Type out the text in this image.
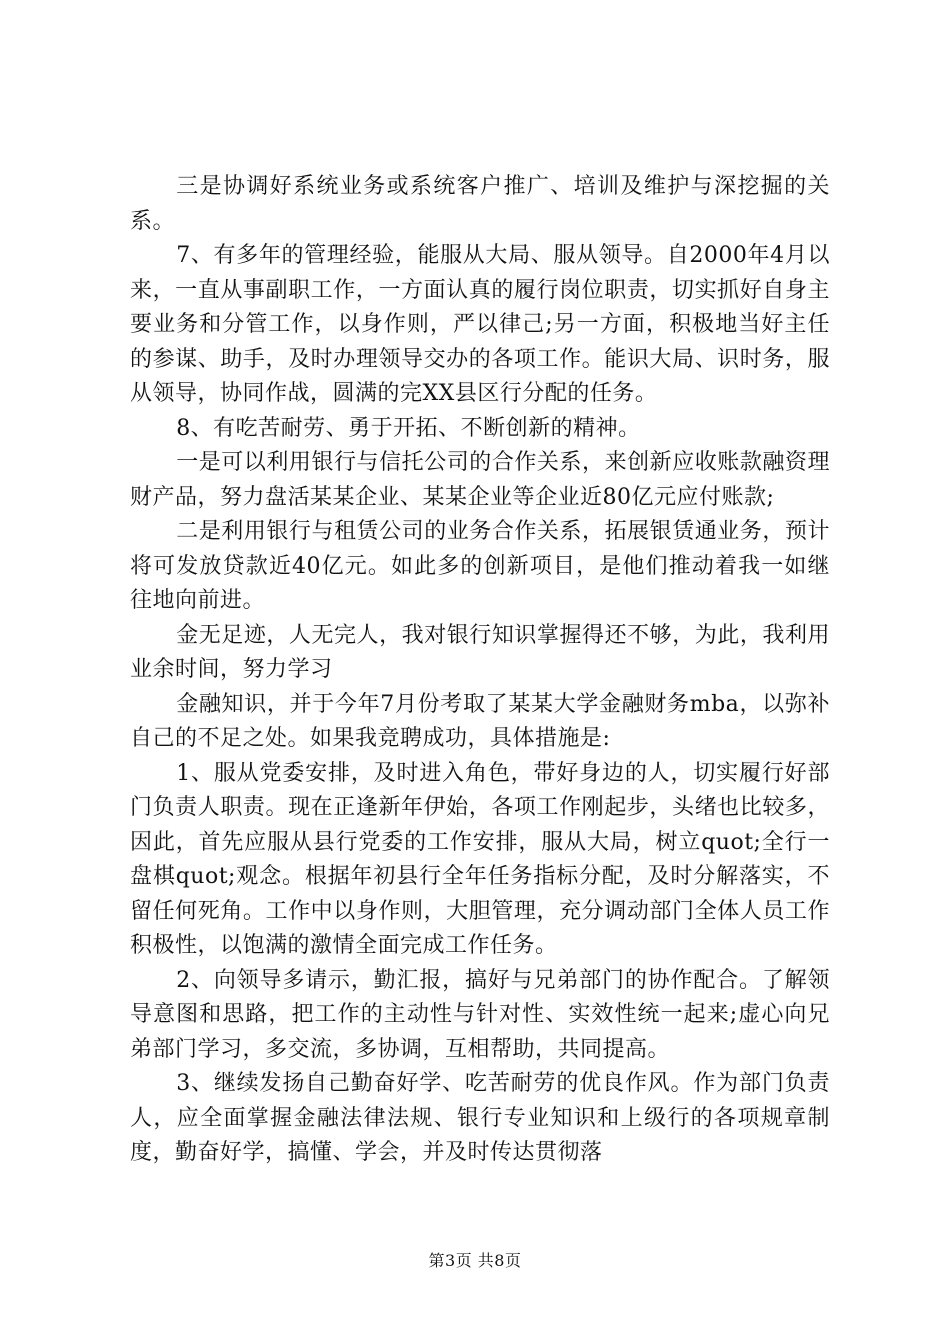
三是协调好系统业务或系统客户推广、培训及维护与深挖掘的关系。

7、有多年的管理经验，能服从大局、服从领导。自2000年4月以来，一直从事副职工作，一方面认真的履行岗位职责，切实抓好自身主要业务和分管工作，以身作则，严以律己;另一方面，积极地当好主任的参谋、助手，及时办理领导交办的各项工作。能识大局、识时务，服从领导，协同作战，圆满的完XX县区行分配的任务。

8、有吃苦耐劳、勇于开拓、不断创新的精神。

一是可以利用银行与信托公司的合作关系，来创新应收账款融资理财产品，努力盘活某某企业、某某企业等企业近80亿元应付账款;

二是利用银行与租赁公司的业务合作关系，拓展银赁通业务，预计将可发放贷款近40亿元。如此多的创新项目，是他们推动着我一如继往地向前进。

金无足迹，人无完人，我对银行知识掌握得还不够，为此，我利用业余时间，努力学习

金融知识，并于今年7月份考取了某某大学金融财务mba，以弥补自己的不足之处。如果我竞聘成功，具体措施是:

1、服从党委安排，及时进入角色，带好身边的人，切实履行好部门负责人职责。现在正逢新年伊始，各项工作刚起步，头绪也比较多，因此，首先应服从县行党委的工作安排，服从大局，树立quot;全行一盘棋quot;观念。根据年初县行全年任务指标分配，及时分解落实，不留任何死角。工作中以身作则，大胆管理，充分调动部门全体人员工作积极性，以饱满的激情全面完成工作任务。

2、向领导多请示，勤汇报，搞好与兄弟部门的协作配合。了解领导意图和思路，把工作的主动性与针对性、实效性统一起来;虚心向兄弟部门学习，多交流，多协调，互相帮助，共同提高。

3、继续发扬自己勤奋好学、吃苦耐劳的优良作风。作为部门负责人，应全面掌握金融法律法规、银行专业知识和上级行的各项规章制度，勤奋好学，搞懂、学会，并及时传达贯彻落

第3页 共8页
